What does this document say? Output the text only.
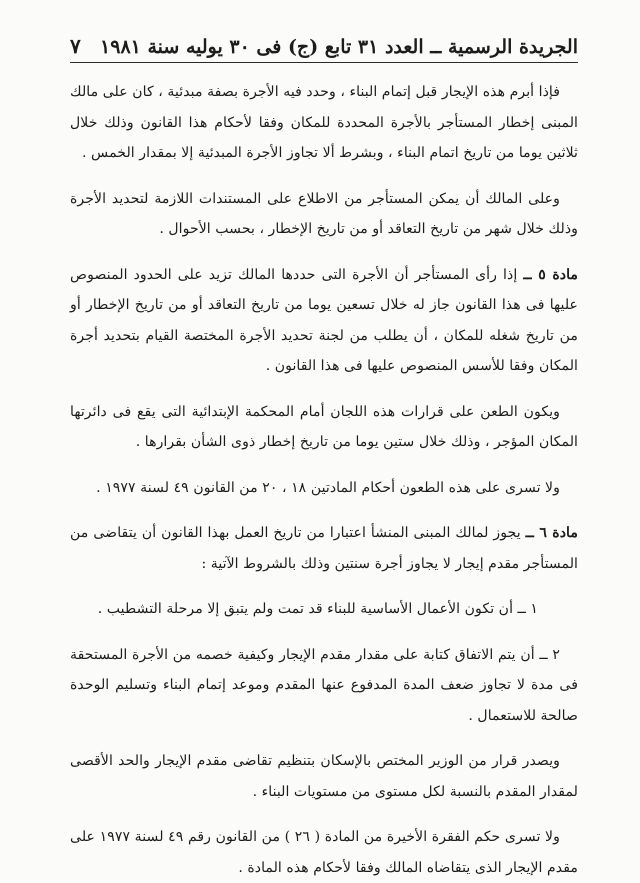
الجريدة الرسمية ــ العدد ٣١ تابع (ج) فى ٣٠ يوليه سنة ١٩٨١
٧

فإذا أبرم هذه الإيجار قبل إتمام البناء ، وحدد فيه الأجرة بصفة مبدئية ، كان على مالك المبنى إخطار المستأجر بالأجرة المحددة للمكان وفقا لأحكام هذا القانون وذلك خلال ثلاثين يوما من تاريخ اتمام البناء ، وبشرط ألا تجاوز الأجرة المبدئية إلا بمقدار الخمس .

وعلى المالك أن يمكن المستأجر من الاطلاع على المستندات اللازمة لتحديد الأجرة وذلك خلال شهر من تاريخ التعاقد أو من تاريخ الإخطار ، بحسب الأحوال .

مادة ٥ ــ إذا رأى المستأجر أن الأجرة التى حددها المالك تزيد على الحدود المنصوص عليها فى هذا القانون جاز له خلال تسعين يوما من تاريخ التعاقد أو من تاريخ الإخطار أو من تاريخ شغله للمكان ، أن يطلب من لجنة تحديد الأجرة المختصة القيام بتحديد أجرة المكان وفقا للأسس المنصوص عليها فى هذا القانون .

ويكون الطعن على قرارات هذه اللجان أمام المحكمة الإبتدائية التى يقع فى دائرتها المكان المؤجر ، وذلك خلال ستين يوما من تاريخ إخطار ذوى الشأن بقرارها .

ولا تسرى على هذه الطعون أحكام المادتين ١٨ ، ٢٠ من القانون ٤٩ لسنة ١٩٧٧ .

مادة ٦ ــ يجوز لمالك المبنى المنشأ اعتبارا من تاريخ العمل بهذا القانون أن يتقاضى من المستأجر مقدم إيجار لا يجاوز أجرة سنتين وذلك بالشروط الآتية :

١ ــ أن تكون الأعمال الأساسية للبناء قد تمت ولم يتبق إلا مرحلة التشطيب .

٢ ــ أن يتم الاتفاق كتابة على مقدار مقدم الإيجار وكيفية خصمه من الأجرة المستحقة فى مدة لا تجاوز ضعف المدة المدفوع عنها المقدم وموعد إتمام البناء وتسليم الوحدة صالحة للاستعمال .

ويصدر قرار من الوزير المختص بالإسكان بتنظيم تقاضى مقدم الإيجار والحد الأقصى لمقدار المقدم بالنسبة لكل مستوى من مستويات البناء .

ولا تسرى حكم الفقرة الأخيرة من المادة ( ٢٦ ) من القانون رقم ٤٩ لسنة ١٩٧٧ على مقدم الإيجار الذى يتقاضاه المالك وفقا لأحكام هذه المادة .
